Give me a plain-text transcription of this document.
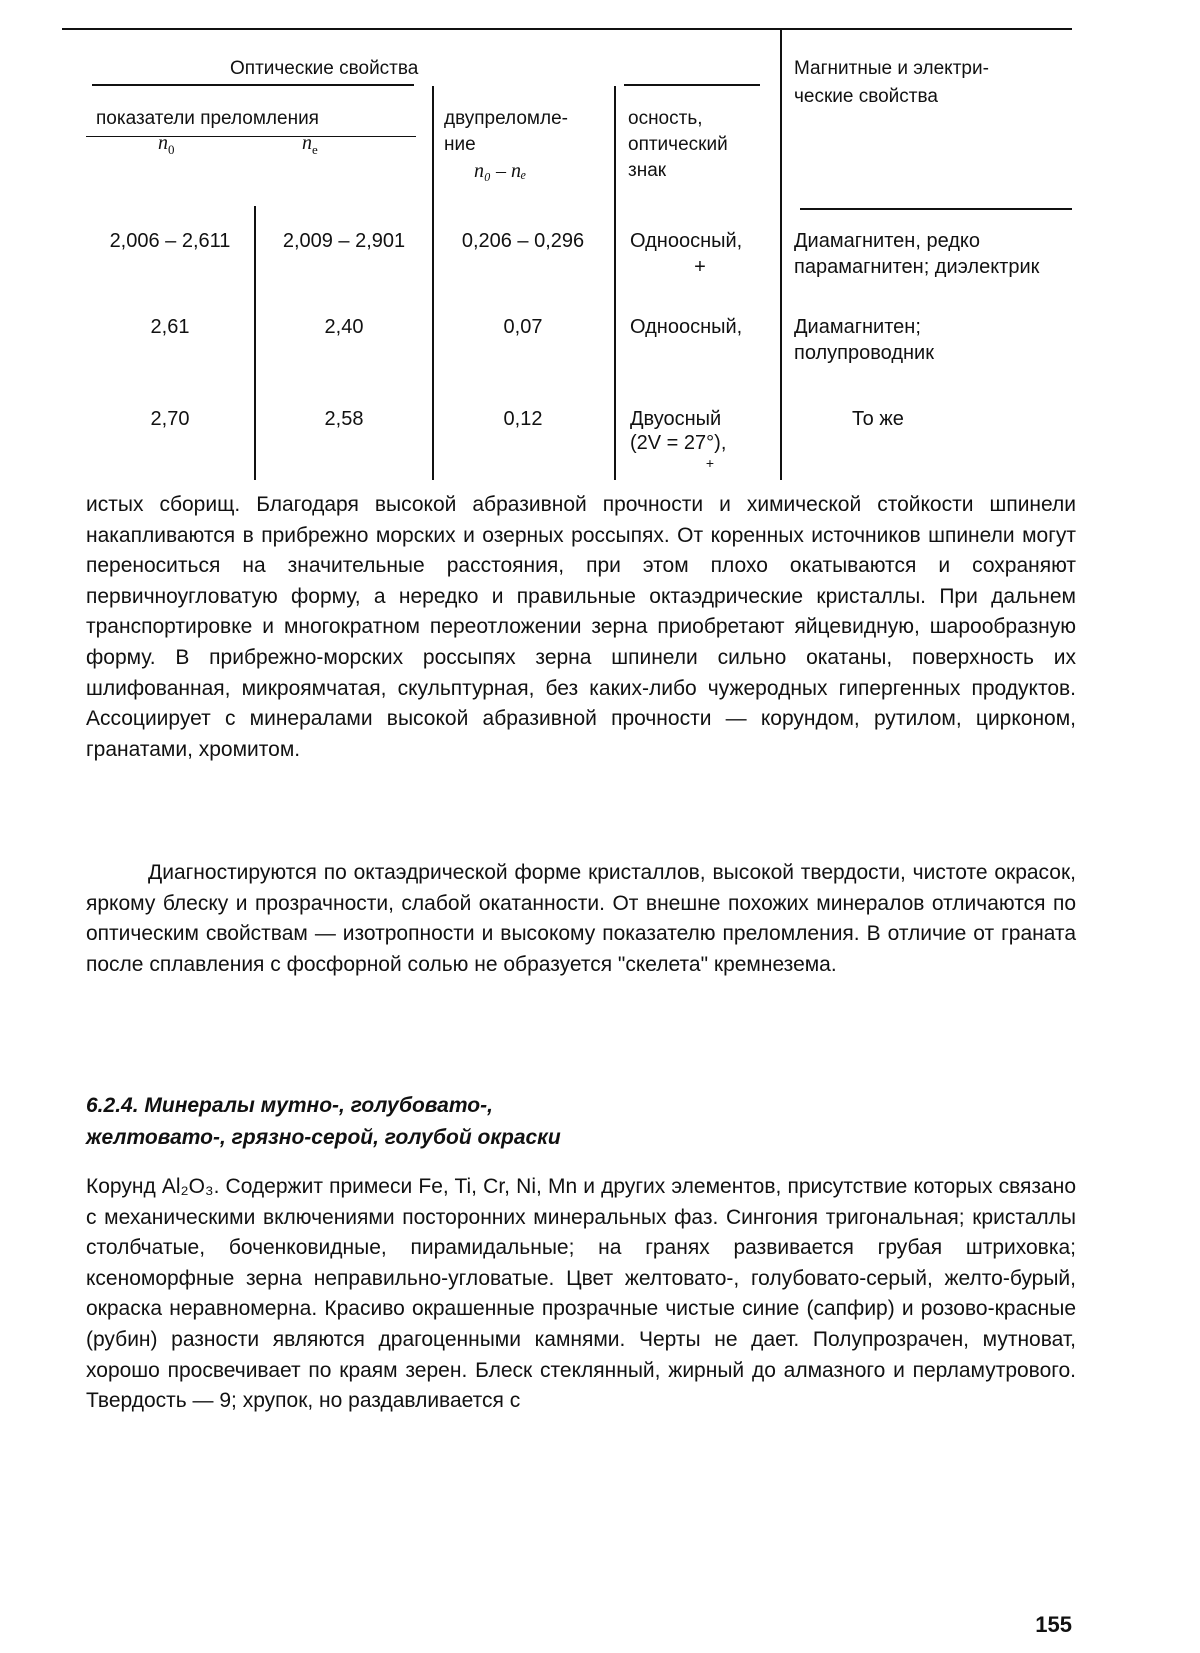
Оптические свойства	Магнитные и электри-
ческие свойства
показатели преломления
n0	ne
двупреломле-
ние
n₀ – nₑ
осность,
оптический
знак
2,006 – 2,611	2,009 – 2,901	0,206 – 0,296	Одноосный,
+
Диамагнитен, редко парамагнитен; диэлектрик
2,61	2,40	0,07	Одноосный,	Диамагнитен; полупроводник
2,70	2,58	0,12	Двуосный
(2V = 27°),
+
То же

истых сборищ. Благодаря высокой абразивной прочности и химической стойкости шпинели накапливаются в прибрежно морских и озерных россыпях. От коренных источников шпинели могут переноситься на значительные расстояния, при этом плохо окатываются и сохраняют первичноугловатую форму, а нередко и правильные октаэдрические кристаллы. При дальнем транспортировке и многократном переотложении зерна приобретают яйцевидную, шарообразную форму. В прибрежно-морских россыпях зерна шпинели сильно окатаны, поверхность их шлифованная, микроямчатая, скульптурная, без каких-либо чужеродных гипергенных продуктов. Ассоциирует с минералами высокой абразивной прочности — корундом, рутилом, цирконом, гранатами, хромитом.

Диагностируются по октаэдрической форме кристаллов, высокой твердости, чистоте окрасок, яркому блеску и прозрачности, слабой окатанности. От внешне похожих минералов отличаются по оптическим свойствам — изотропности и высокому показателю преломления. В отличие от граната после сплавления с фосфорной солью не образуется "скелета" кремнезема.

6.2.4. Минералы мутно-, голубовато-,
желтовато-, грязно-серой, голубой окраски

Корунд Al₂O₃. Содержит примеси Fe, Ti, Cr, Ni, Mn и других элементов, присутствие которых связано с механическими включениями посторонних минеральных фаз. Сингония тригональная; кристаллы столбчатые, боченковидные, пирамидальные; на гранях развивается грубая штриховка; ксеноморфные зерна неправильно-угловатые. Цвет желтовато-, голубовато-серый, желто-бурый, окраска неравномерна. Красиво окрашенные прозрачные чистые синие (сапфир) и розово-красные (рубин) разности являются драгоценными камнями. Черты не дает. Полупрозрачен, мутноват, хорошо просвечивает по краям зерен. Блеск стеклянный, жирный до алмазного и перламутрового. Твердость — 9; хрупок, но раздавливается с

155
